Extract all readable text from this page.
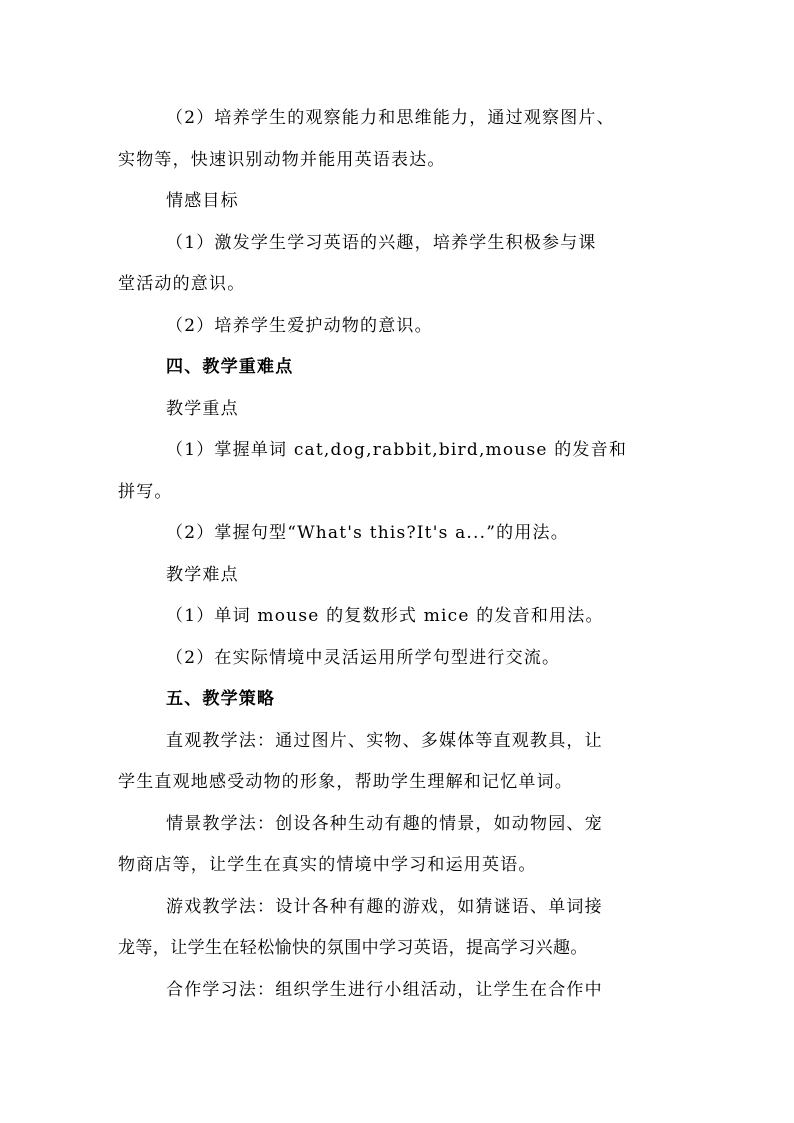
（2）培养学生的观察能力和思维能力，通过观察图片、
实物等，快速识别动物并能用英语表达。
情感目标
（1）激发学生学习英语的兴趣，培养学生积极参与课
堂活动的意识。
（2）培养学生爱护动物的意识。
四、教学重难点
教学重点
（1）掌握单词 cat,dog,rabbit,bird,mouse 的发音和
拼写。
（2）掌握句型“What's this?It's a...”的用法。
教学难点
（1）单词 mouse 的复数形式 mice 的发音和用法。
（2）在实际情境中灵活运用所学句型进行交流。
五、教学策略
直观教学法：通过图片、实物、多媒体等直观教具，让
学生直观地感受动物的形象，帮助学生理解和记忆单词。
情景教学法：创设各种生动有趣的情景，如动物园、宠
物商店等，让学生在真实的情境中学习和运用英语。
游戏教学法：设计各种有趣的游戏，如猜谜语、单词接
龙等，让学生在轻松愉快的氛围中学习英语，提高学习兴趣。
合作学习法：组织学生进行小组活动，让学生在合作中
